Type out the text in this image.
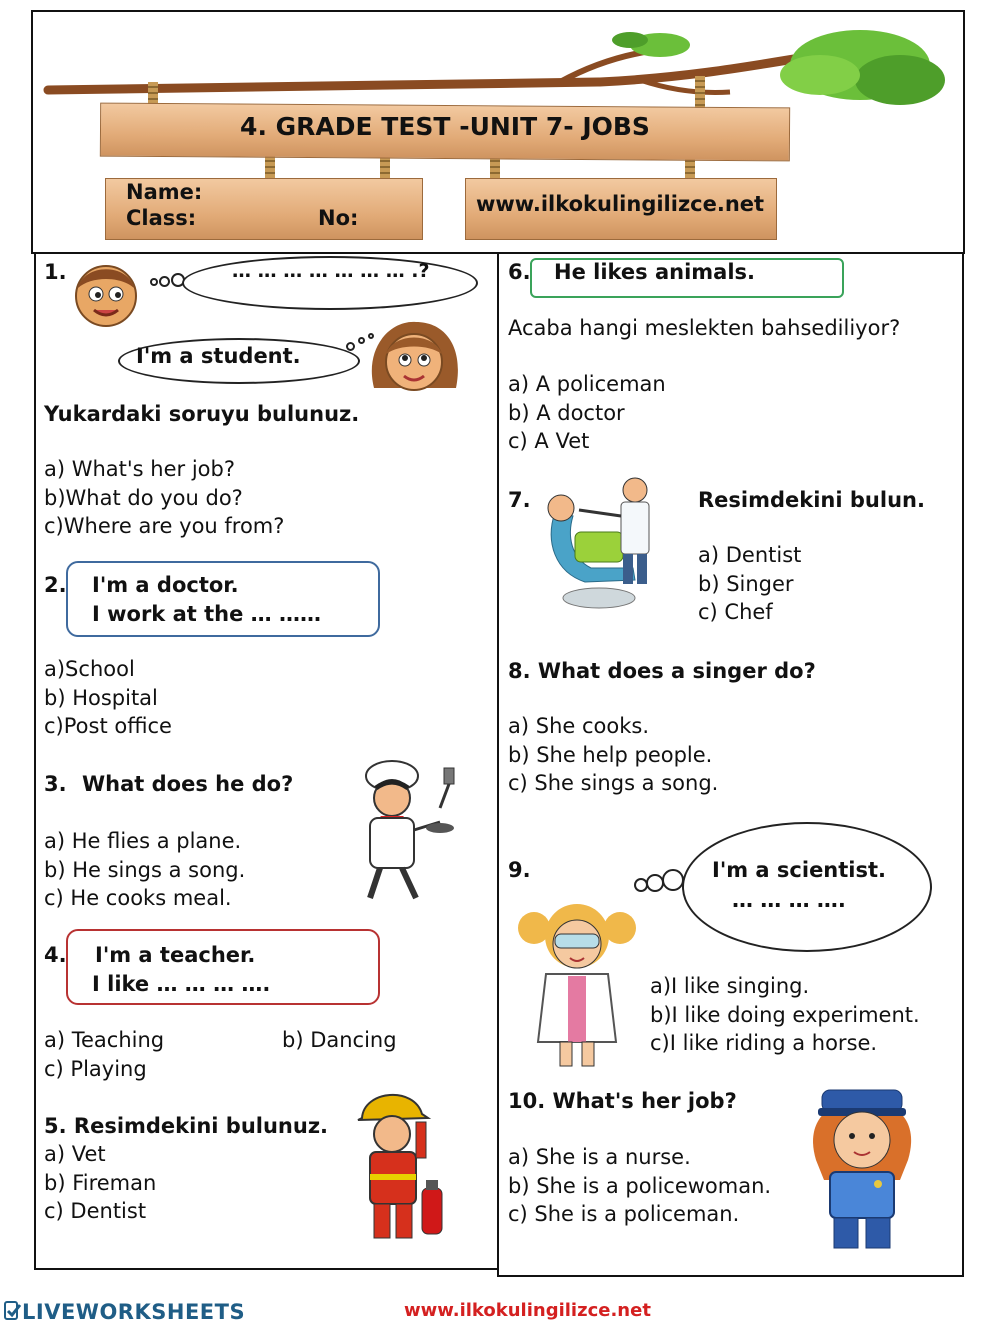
4. GRADE TEST -UNIT 7- JOBS
Name:
Class:	No:
www.ilkokulingilizce.net
1.	… … … … … … … .?
I'm a student.
Yukardaki soruyu bulunuz.
a) What's her job?
b)What do you do?
c)Where are you from?
2. I'm a doctor.
I work at the … ……
a)School
b) Hospital
c)Post office
3. What does he do?
a) He flies a plane.
b) He sings a song.
c) He cooks meal.
4. I'm a teacher.
I like … … … ….
a) Teaching	b) Dancing
c) Playing
5. Resimdekini bulunuz.
a) Vet
b) Fireman
c) Dentist
6. He likes animals.
Acaba hangi meslekten bahsediliyor?
a) A policeman
b) A doctor
c) A Vet
7.	Resimdekini bulun.
a) Dentist
b) Singer
c) Chef
8. What does a singer do?
a) She cooks.
b) She help people.
c) She sings a song.
9.	I'm a scientist.
… … … ….
a)I like singing.
b)I like doing experiment.
c)I like riding a horse.
10. What's her job?
a) She is a nurse.
b) She is a policewoman.
c) She is a policeman.
LIVEWORKSHEETS	www.ilkokulingilizce.net
